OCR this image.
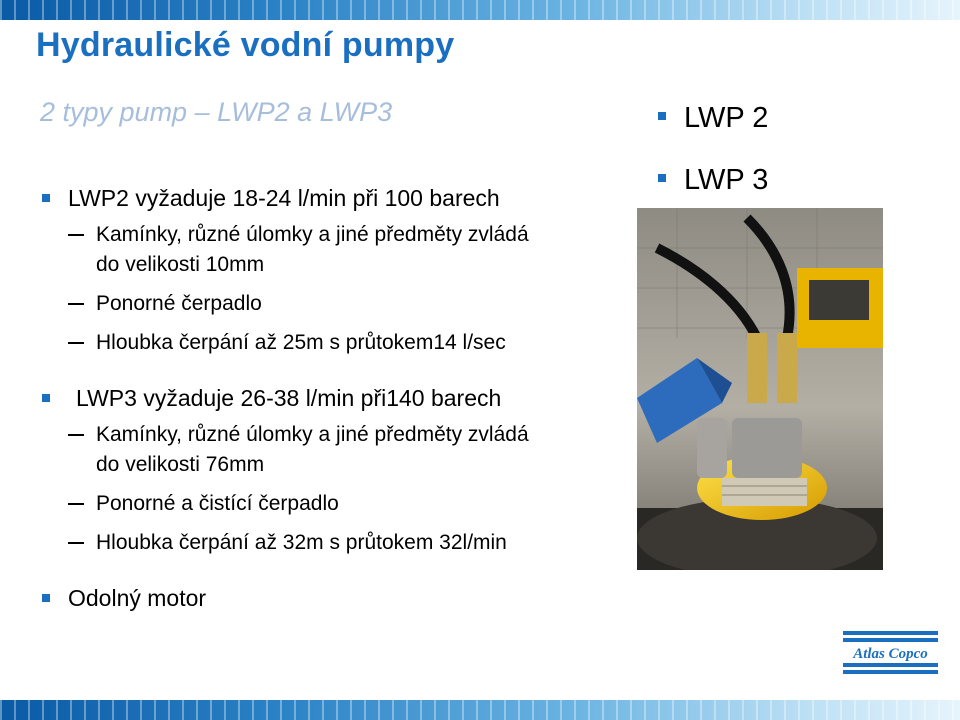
Hydraulické vodní pumpy

2 typy pump – LWP2 a LWP3	LWP 2
LWP 3
LWP2 vyžaduje 18-24 l/min při 100 barech
Kamínky, různé úlomky a jiné předměty zvládá
do velikosti 10mm
Ponorné čerpadlo
Hloubka čerpání až 25m s průtokem14 l/sec
LWP3 vyžaduje 26-38 l/min při140 barech
Kamínky, různé úlomky a jiné předměty zvládá
do velikosti 76mm
Ponorné a čistící čerpadlo
Hloubka čerpání až 32m s průtokem 32l/min
Odolný motor
Atlas Copco
